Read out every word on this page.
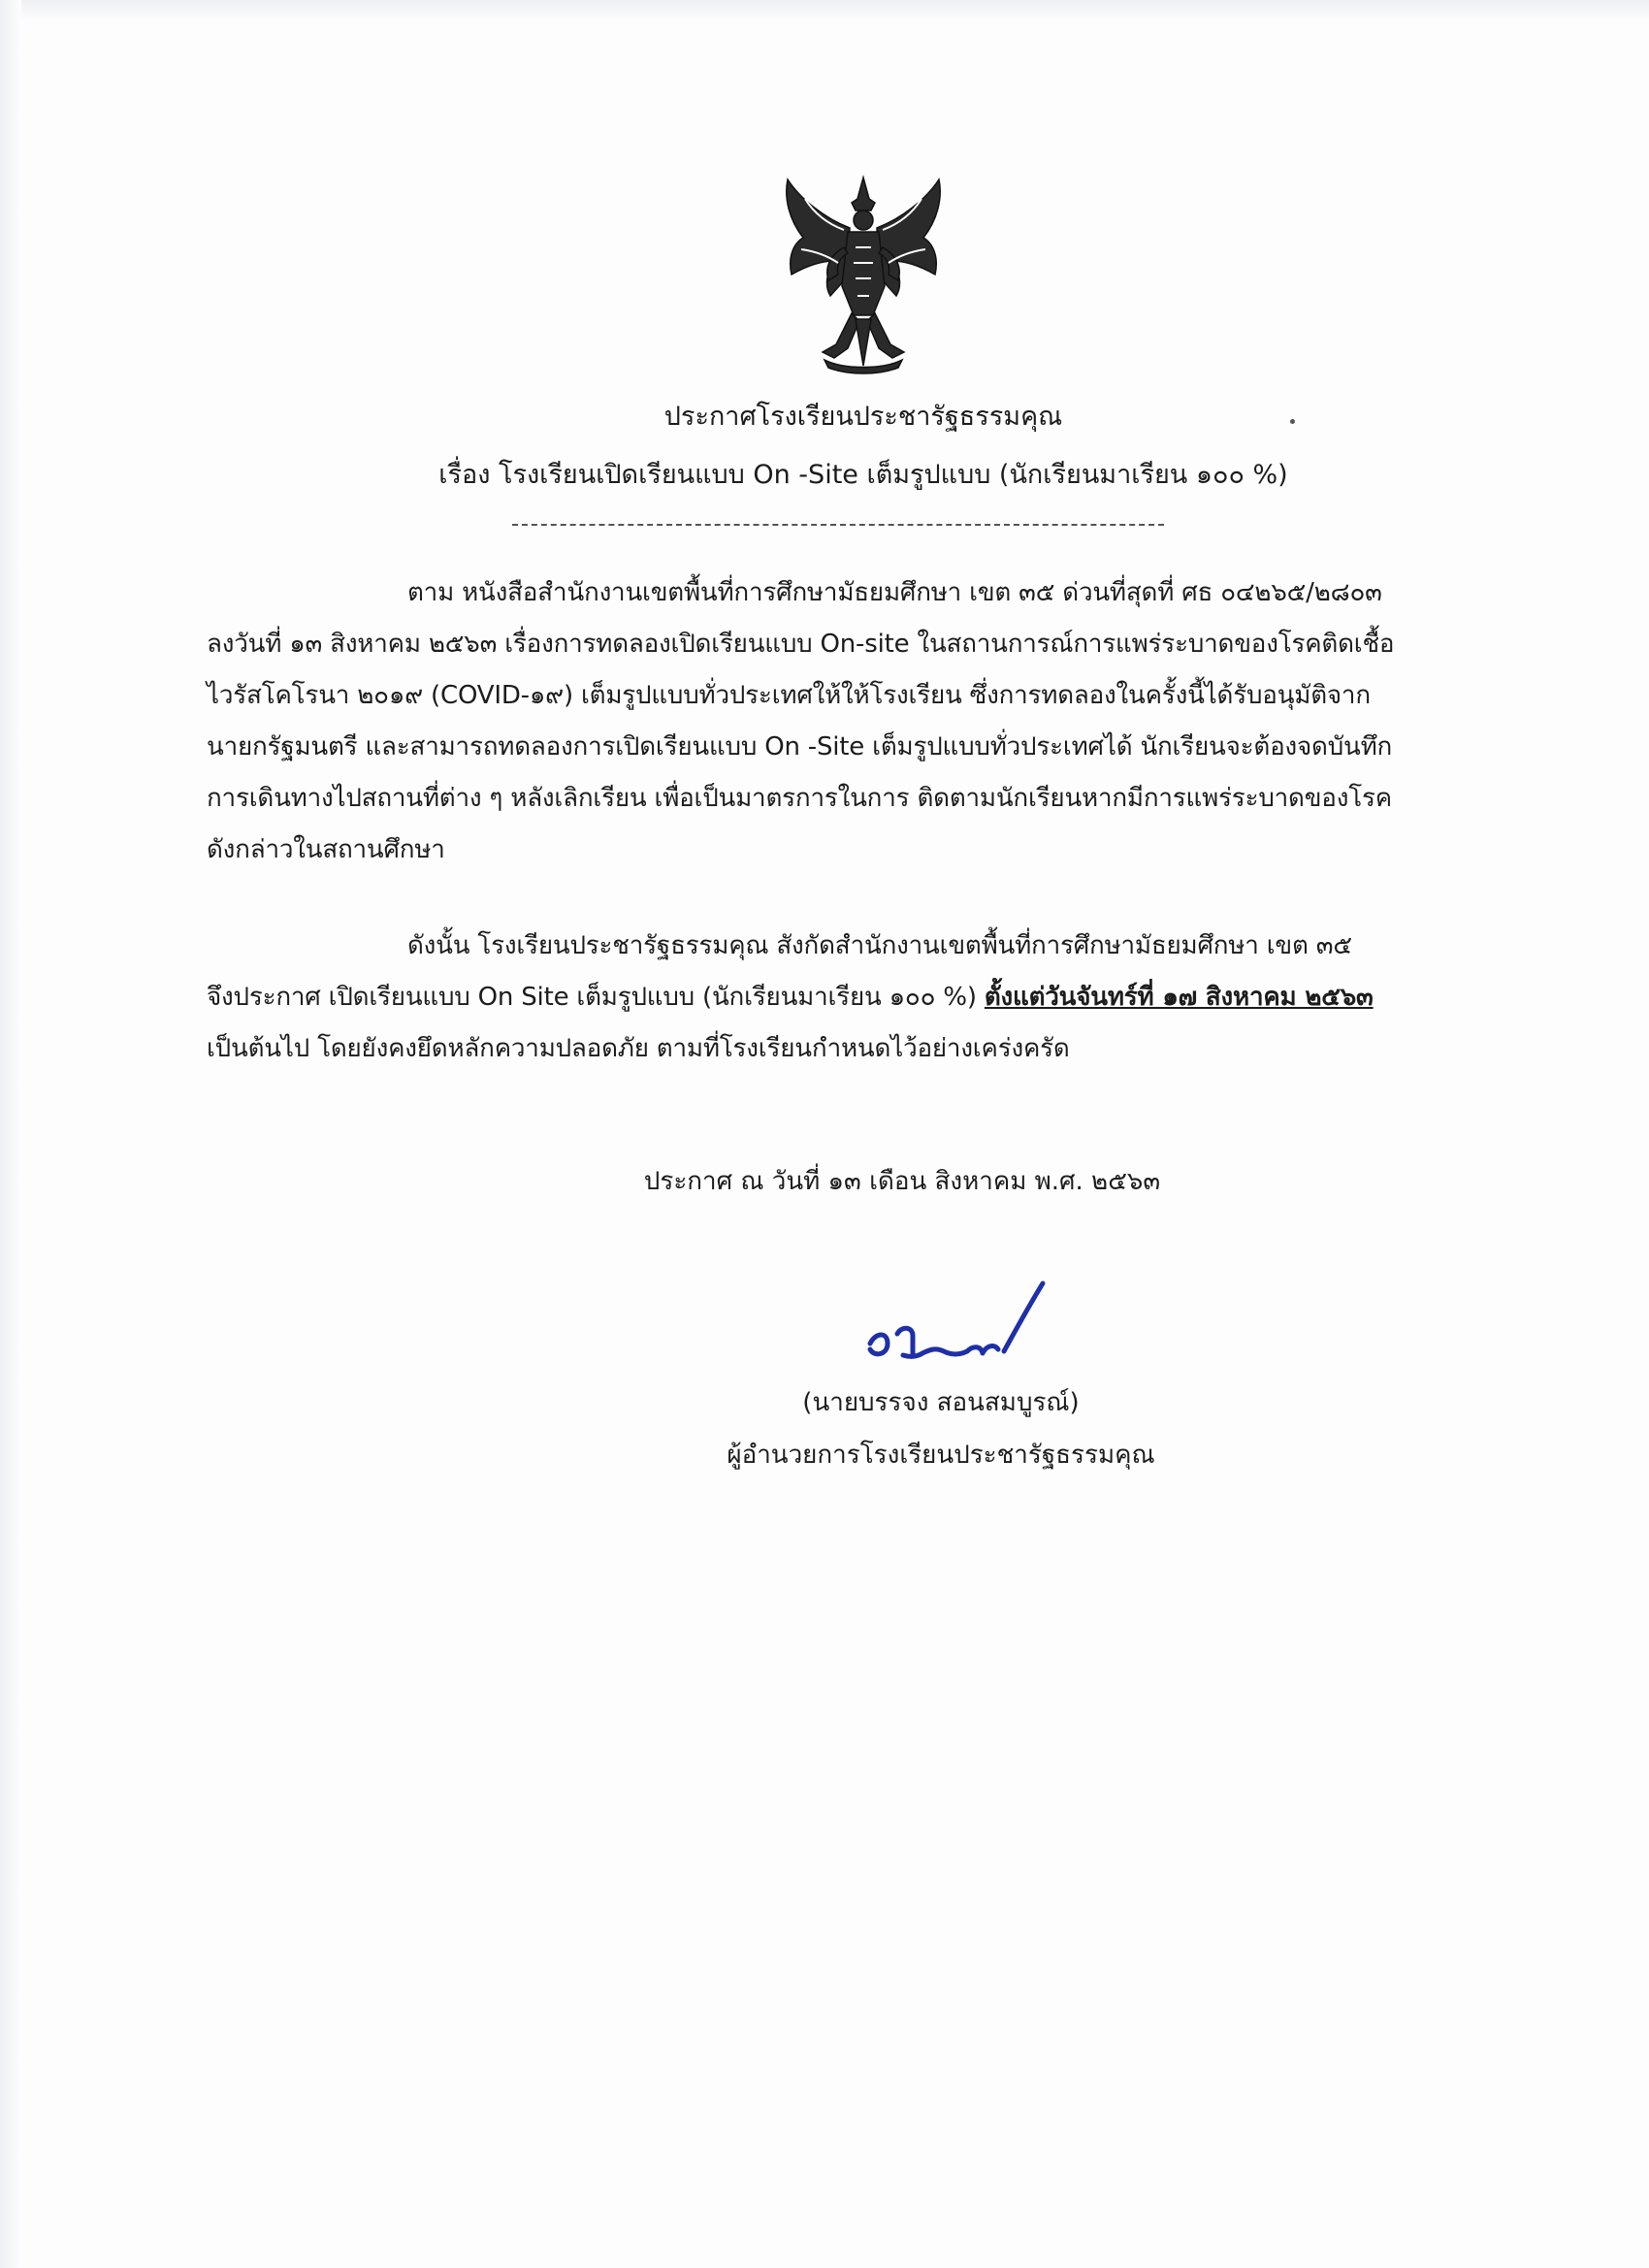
ประกาศโรงเรียนประชารัฐธรรมคุณ
เรื่อง โรงเรียนเปิดเรียนแบบ On -Site เต็มรูปแบบ (นักเรียนมาเรียน ๑๐๐ %)
ตาม หนังสือสำนักงานเขตพื้นที่การศึกษามัธยมศึกษา เขต ๓๕ ด่วนที่สุดที่ ศธ ๐๔๒๖๕/๒๘๐๓
ลงวันที่ ๑๓ สิงหาคม ๒๕๖๓ เรื่องการทดลองเปิดเรียนแบบ On-site ในสถานการณ์การแพร่ระบาดของโรคติดเชื้อ
ไวรัสโคโรนา ๒๐๑๙ (COVID-๑๙) เต็มรูปแบบทั่วประเทศให้ให้โรงเรียน ซึ่งการทดลองในครั้งนี้ได้รับอนุมัติจาก
นายกรัฐมนตรี และสามารถทดลองการเปิดเรียนแบบ On -Site เต็มรูปแบบทั่วประเทศได้ นักเรียนจะต้องจดบันทึก
การเดินทางไปสถานที่ต่าง ๆ หลังเลิกเรียน เพื่อเป็นมาตรการในการ ติดตามนักเรียนหากมีการแพร่ระบาดของโรค
ดังกล่าวในสถานศึกษา
ดังนั้น โรงเรียนประชารัฐธรรมคุณ สังกัดสำนักงานเขตพื้นที่การศึกษามัธยมศึกษา เขต ๓๕
จึงประกาศ เปิดเรียนแบบ On Site เต็มรูปแบบ (นักเรียนมาเรียน ๑๐๐ %) ตั้งแต่วันจันทร์ที่ ๑๗ สิงหาคม ๒๕๖๓
เป็นต้นไป โดยยังคงยึดหลักความปลอดภัย ตามที่โรงเรียนกำหนดไว้อย่างเคร่งครัด
ประกาศ ณ วันที่ ๑๓ เดือน สิงหาคม พ.ศ. ๒๕๖๓
(นายบรรจง สอนสมบูรณ์)
ผู้อำนวยการโรงเรียนประชารัฐธรรมคุณ
